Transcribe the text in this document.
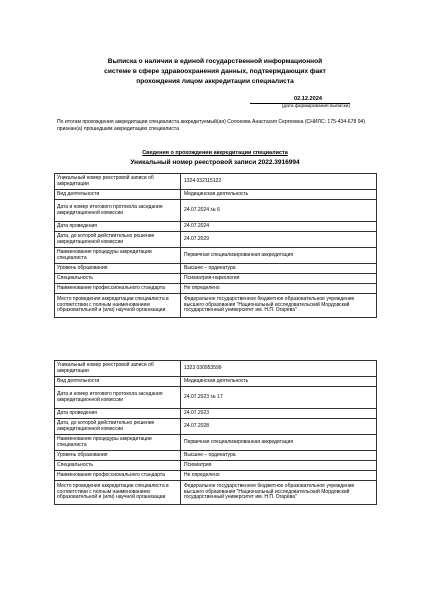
Выписка о наличии в единой государственной информационной
системе в сфере здравоохранения данных, подтверждающих факт
прохождения лицом аккредитации специалиста
02.12.2024
(дата формирования выписки)
По итогам прохождения аккредитации специалиста аккредитуемый(ая) Солоеова Анастасия Сергеевна (СНИЛС: 175-434-678 94) признан(а) прошедшим аккредитацию специалиста
Сведения о прохождении аккредитации специалиста
Уникальный номер реестровой записи 2022.3916994
Уникальный номер реестровой записи об аккредитации	1324 032115122
Вид деятельности	Медицинская деятельность
Дата и номер итогового протокола заседания аккредитационной комиссии	24.07.2024 № 6
Дата проведения	24.07.2024
Дата, до которой действительно решение аккредитационной комиссии	24.07.2029
Наименование процедуры аккредитации специалиста	Первичная специализированная аккредитация
Уровень образования	Высшее – ординатура
Специальность	Психиатрия-наркология
Наименование профессионального стандарта	Не определено
Место проведения аккредитации специалиста в соответствии с полным наименованием образовательной и (или) научной организации	Федеральное государственное бюджетное образовательное учреждение высшего образования "Национальный исследовательский Мордовский государственный университет им. Н.П. Огарёва"
Уникальный номер реестровой записи об аккредитации	1323 030953599
Вид деятельности	Медицинская деятельность
Дата и номер итогового протокола заседания аккредитационной комиссии	24.07.2023 № 17
Дата проведения	24.07.2023
Дата, до которой действительно решение аккредитационной комиссии	24.07.2028
Наименование процедуры аккредитации специалиста	Первичная специализированная аккредитация
Уровень образования	Высшее – ординатура
Специальность	Психиатрия
Наименование профессионального стандарта	Не определено
Место проведения аккредитации специалиста в соответствии с полным наименованием образовательной и (или) научной организации	Федеральное государственное бюджетное образовательное учреждение высшего образования "Национальный исследовательский Мордовский государственный университет им. Н.П. Огарёва"
